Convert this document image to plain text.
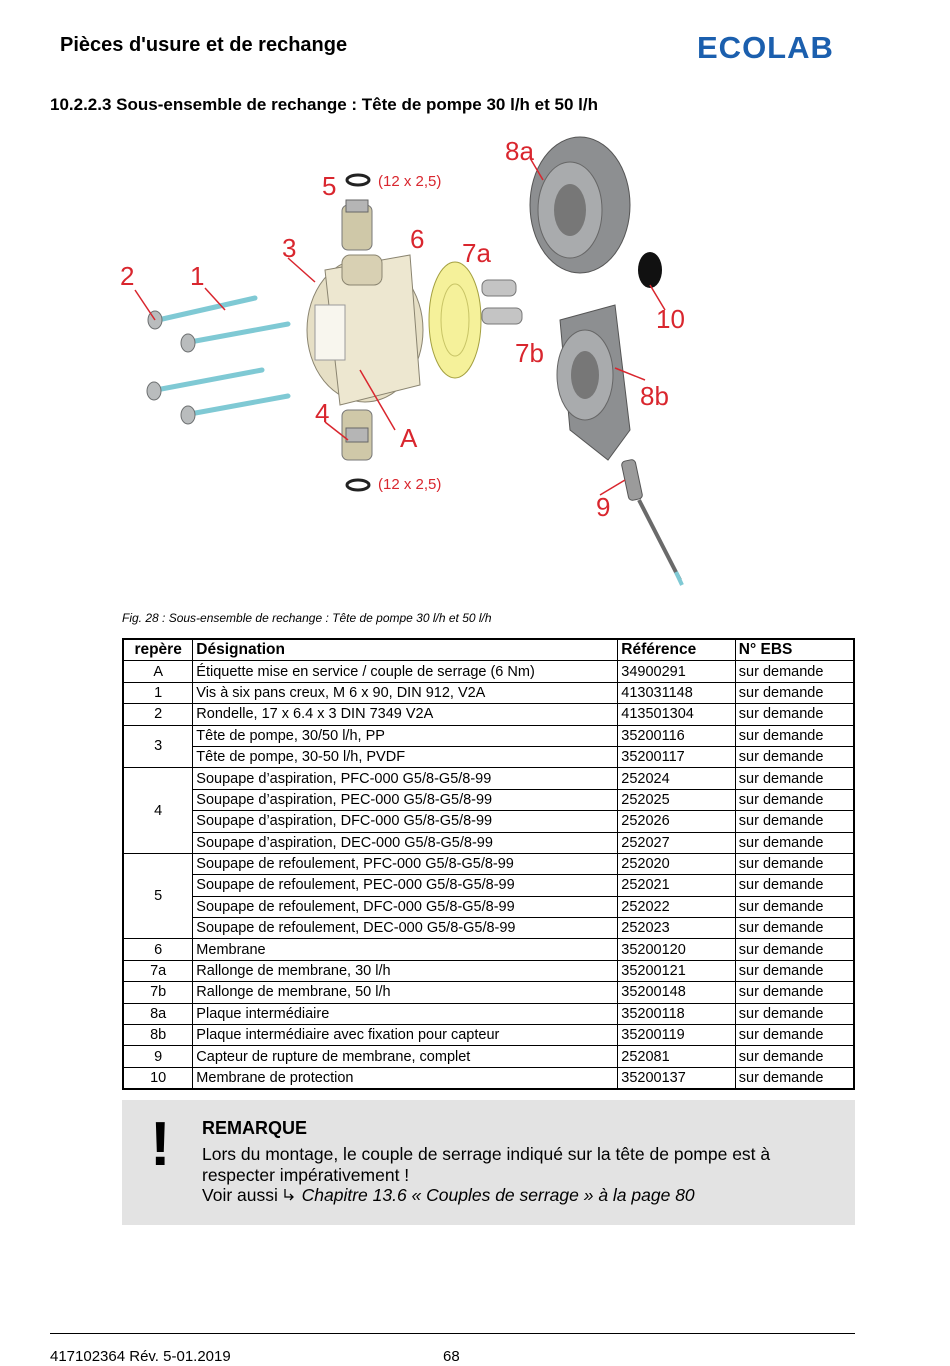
Pièces d'usure et de rechange	ECOLAB
10.2.2.3 Sous-ensemble de rechange : Tête de pompe 30 l/h et 50 l/h
2 1
3
5	(12 x 2,5)
6 7a
8a
10
7b
8b
4
A
(12 x 2,5)
9
Fig. 28 : Sous-ensemble de rechange : Tête de pompe 30 l/h et 50 l/h
repère	Désignation	Référence	N° EBS
A	Étiquette mise en service / couple de serrage (6 Nm)	34900291	sur demande
1	Vis à six pans creux, M 6 x 90, DIN 912, V2A	413031148	sur demande
2	Rondelle, 17 x 6.4 x 3 DIN 7349 V2A	413501304	sur demande
3	Tête de pompe, 30/50 l/h, PP	35200116	sur demande
	Tête de pompe, 30-50 l/h, PVDF	35200117	sur demande
4	Soupape d’aspiration, PFC-000 G5/8-G5/8-99	252024	sur demande
	Soupape d’aspiration, PEC-000 G5/8-G5/8-99	252025	sur demande
	Soupape d’aspiration, DFC-000 G5/8-G5/8-99	252026	sur demande
	Soupape d’aspiration, DEC-000 G5/8-G5/8-99	252027	sur demande
5	Soupape de refoulement, PFC-000 G5/8-G5/8-99	252020	sur demande
	Soupape de refoulement, PEC-000 G5/8-G5/8-99	252021	sur demande
	Soupape de refoulement, DFC-000 G5/8-G5/8-99	252022	sur demande
	Soupape de refoulement, DEC-000 G5/8-G5/8-99	252023	sur demande
6	Membrane	35200120	sur demande
7a	Rallonge de membrane, 30 l/h	35200121	sur demande
7b	Rallonge de membrane, 50 l/h	35200148	sur demande
8a	Plaque intermédiaire	35200118	sur demande
8b	Plaque intermédiaire avec fixation pour capteur	35200119	sur demande
9	Capteur de rupture de membrane, complet	252081	sur demande
10	Membrane de protection	35200137	sur demande
! REMARQUE
Lors du montage, le couple de serrage indiqué sur la tête de pompe est à
respecter impérativement !
Voir aussi  Chapitre 13.6 « Couples de serrage » à la page 80
417102364 Rév. 5-01.2019	68
